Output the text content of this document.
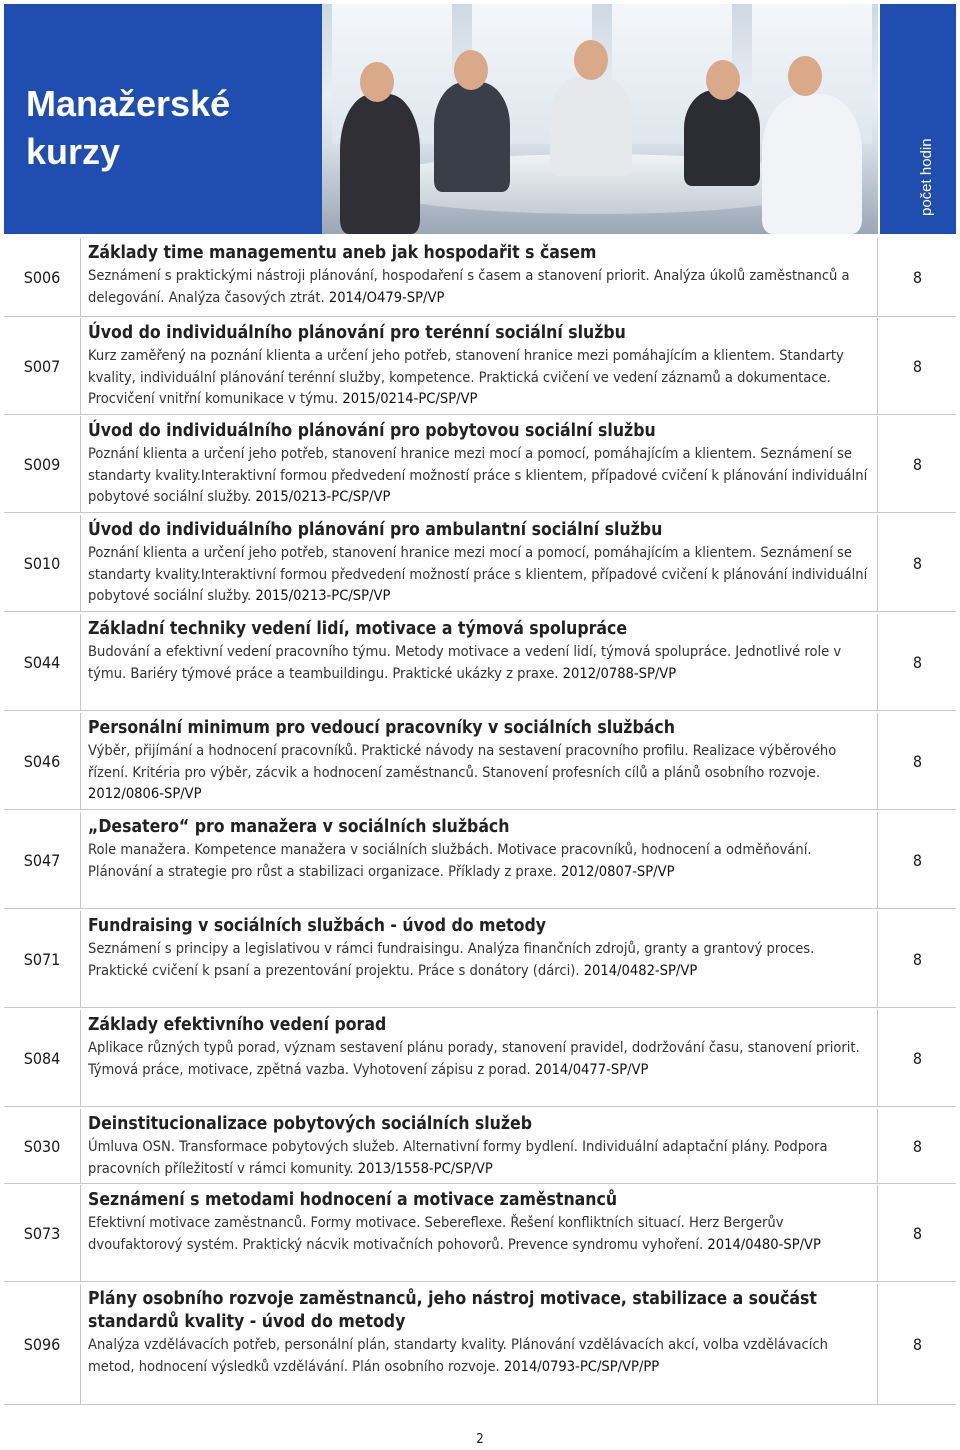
Manažerské
kurzy	počet hodin
S006

Základy time managementu aneb jak hospodařit s časem

Seznámení s praktickými nástroji plánování, hospodaření s časem a stanovení priorit. Analýza úkolů zaměstnanců a delegování. Analýza časových ztrát. 2014/O479-SP/VP

8
S007

Úvod do individuálního plánování pro terénní sociální službu

Kurz zaměřený na poznání klienta a určení jeho potřeb, stanovení hranice mezi pomáhajícím a klientem. Standarty kvality, individuální plánování terénní služby, kompetence. Praktická cvičení ve vedení záznamů a dokumentace. Procvičení vnitřní komunikace v týmu. 2015/0214-PC/SP/VP

8
S009

Úvod do individuálního plánování pro pobytovou sociální službu

Poznání klienta a určení jeho potřeb, stanovení hranice mezi mocí a pomocí, pomáhajícím a klientem. Seznámení se standarty kvality.Interaktivní formou předvedení možností práce s klientem, případové cvičení k plánování individuální pobytové sociální služby. 2015/0213-PC/SP/VP

8
S010

Úvod do individuálního plánování pro ambulantní sociální službu

Poznání klienta a určení jeho potřeb, stanovení hranice mezi mocí a pomocí, pomáhajícím a klientem. Seznámení se standarty kvality.Interaktivní formou předvedení možností práce s klientem, případové cvičení k plánování individuální pobytové sociální služby. 2015/0213-PC/SP/VP

8
S044

Základní techniky vedení lidí, motivace a týmová spolupráce

Budování a efektivní vedení pracovního týmu. Metody motivace a vedení lidí, týmová spolupráce. Jednotlivé role v týmu. Bariéry týmové práce a teambuildingu. Praktické ukázky z praxe. 2012/0788-SP/VP

8
S046

Personální minimum pro vedoucí pracovníky v sociálních službách

Výběr, přijímání a hodnocení pracovníků. Praktické návody na sestavení pracovního profilu. Realizace výběrového řízení. Kritéria pro výběr, zácvik a hodnocení zaměstnanců. Stanovení profesních cílů a plánů osobního rozvoje. 2012/0806-SP/VP

8
S047

„Desatero“ pro manažera v sociálních službách

Role manažera. Kompetence manažera v sociálních službách. Motivace pracovníků, hodnocení a odměňování. Plánování a strategie pro růst a stabilizaci organizace. Příklady z praxe. 2012/0807-SP/VP

8
S071

Fundraising v sociálních službách - úvod do metody

Seznámení s principy a legislativou v rámci fundraisingu. Analýza finančních zdrojů, granty a grantový proces. Praktické cvičení k psaní a prezentování projektu. Práce s donátory (dárci). 2014/0482-SP/VP

8
S084

Základy efektivního vedení porad

Aplikace různých typů porad, význam sestavení plánu porady, stanovení pravidel, dodržování času, stanovení priorit. Týmová práce, motivace, zpětná vazba. Vyhotovení zápisu z porad. 2014/0477-SP/VP

8
S030

Deinstitucionalizace pobytových sociálních služeb

Úmluva OSN. Transformace pobytových služeb. Alternativní formy bydlení. Individuální adaptační plány. Podpora pracovních příležitostí v rámci komunity. 2013/1558-PC/SP/VP

8
S073

Seznámení s metodami hodnocení a motivace zaměstnanců

Efektivní motivace zaměstnanců. Formy motivace. Sebereflexe. Řešení konfliktních situací. Herz Bergerův dvoufaktorový systém. Praktický nácvik motivačních pohovorů. Prevence syndromu vyhoření. 2014/0480-SP/VP

8
S096

Plány osobního rozvoje zaměstnanců, jeho nástroj motivace, stabilizace a součást standardů kvality - úvod do metody

Analýza vzdělávacích potřeb, personální plán, standarty kvality. Plánování vzdělávacích akcí, volba vzdělávacích metod, hodnocení výsledků vzdělávání. Plán osobního rozvoje. 2014/0793-PC/SP/VP/PP

8
2
